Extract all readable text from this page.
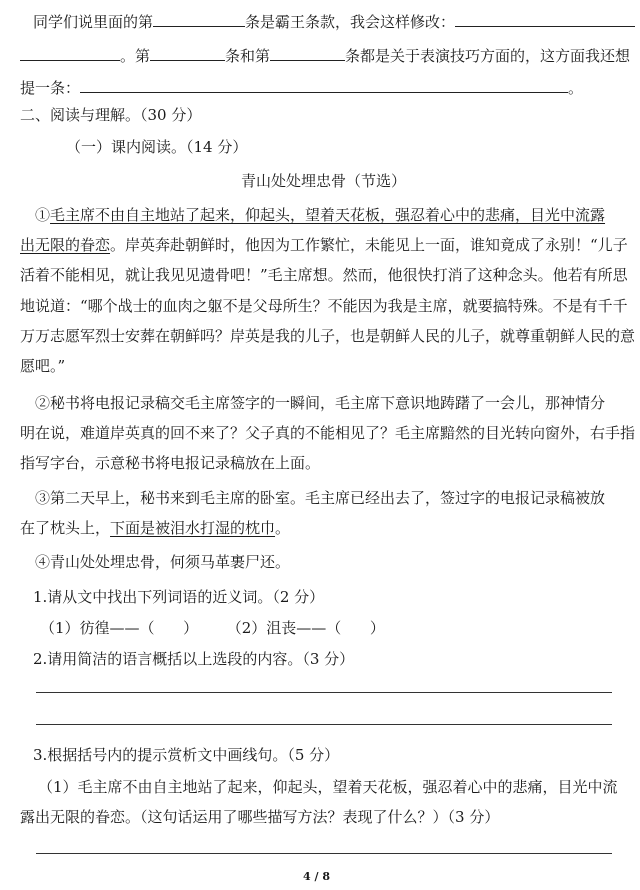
同学们说里面的第	条是霸王条款，我会这样修改：
。第	条和第	条都是关于表演技巧方面的，这方面我还想
提一条：	。
二、阅读与理解。（30 分）
（一）课内阅读。（14 分）
青山处处埋忠骨（节选）
①毛主席不由自主地站了起来，仰起头，望着天花板，强忍着心中的悲痛，目光中流露
出无限的眷恋。岸英奔赴朝鲜时，他因为工作繁忙，未能见上一面，谁知竟成了永别！“儿子
活着不能相见，就让我见见遗骨吧！”毛主席想。然而，他很快打消了这种念头。他若有所思
地说道：“哪个战士的血肉之躯不是父母所生？不能因为我是主席，就要搞特殊。不是有千千
万万志愿军烈士安葬在朝鲜吗？岸英是我的儿子，也是朝鲜人民的儿子，就尊重朝鲜人民的意
愿吧。”
②秘书将电报记录稿交毛主席签字的一瞬间，毛主席下意识地踌躇了一会儿，那神情分
明在说，难道岸英真的回不来了？父子真的不能相见了？毛主席黯然的目光转向窗外，右手指
指写字台，示意秘书将电报记录稿放在上面。
③第二天早上，秘书来到毛主席的卧室。毛主席已经出去了，签过字的电报记录稿被放
在了枕头上，下面是被泪水打湿的枕巾。
④青山处处埋忠骨，何须马革裹尸还。
1.请从文中找出下列词语的近义词。（2 分）
（1）彷徨——（      ）      （2）沮丧——（      ）
2.请用简洁的语言概括以上选段的内容。（3 分）
3.根据括号内的提示赏析文中画线句。（5 分）
（1）毛主席不由自主地站了起来，仰起头，望着天花板，强忍着心中的悲痛，目光中流
露出无限的眷恋。（这句话运用了哪些描写方法？表现了什么？）（3 分）
4 / 8
